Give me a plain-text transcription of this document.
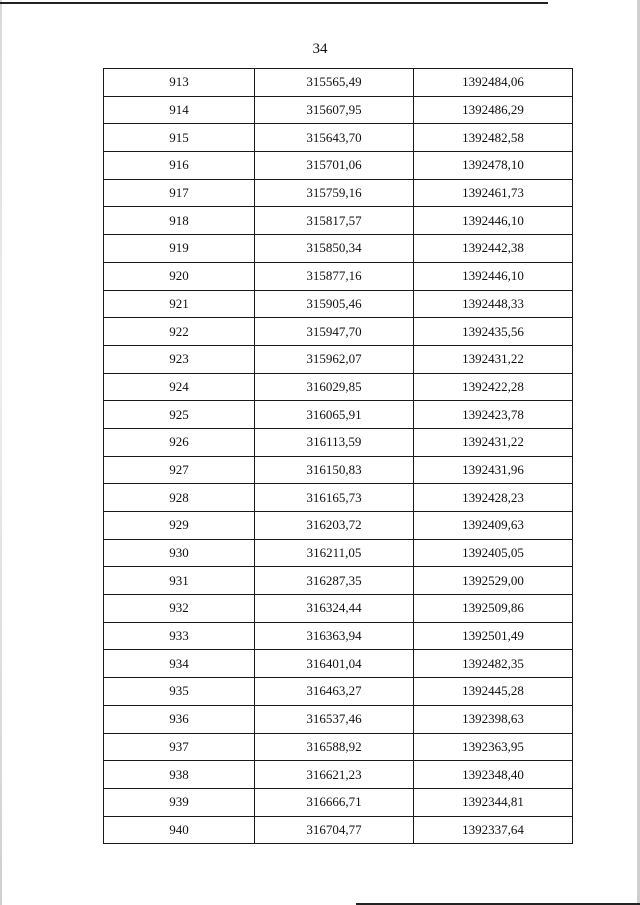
34
913	315565,49	1392484,06
914	315607,95	1392486,29
915	315643,70	1392482,58
916	315701,06	1392478,10
917	315759,16	1392461,73
918	315817,57	1392446,10
919	315850,34	1392442,38
920	315877,16	1392446,10
921	315905,46	1392448,33
922	315947,70	1392435,56
923	315962,07	1392431,22
924	316029,85	1392422,28
925	316065,91	1392423,78
926	316113,59	1392431,22
927	316150,83	1392431,96
928	316165,73	1392428,23
929	316203,72	1392409,63
930	316211,05	1392405,05
931	316287,35	1392529,00
932	316324,44	1392509,86
933	316363,94	1392501,49
934	316401,04	1392482,35
935	316463,27	1392445,28
936	316537,46	1392398,63
937	316588,92	1392363,95
938	316621,23	1392348,40
939	316666,71	1392344,81
940	316704,77	1392337,64
